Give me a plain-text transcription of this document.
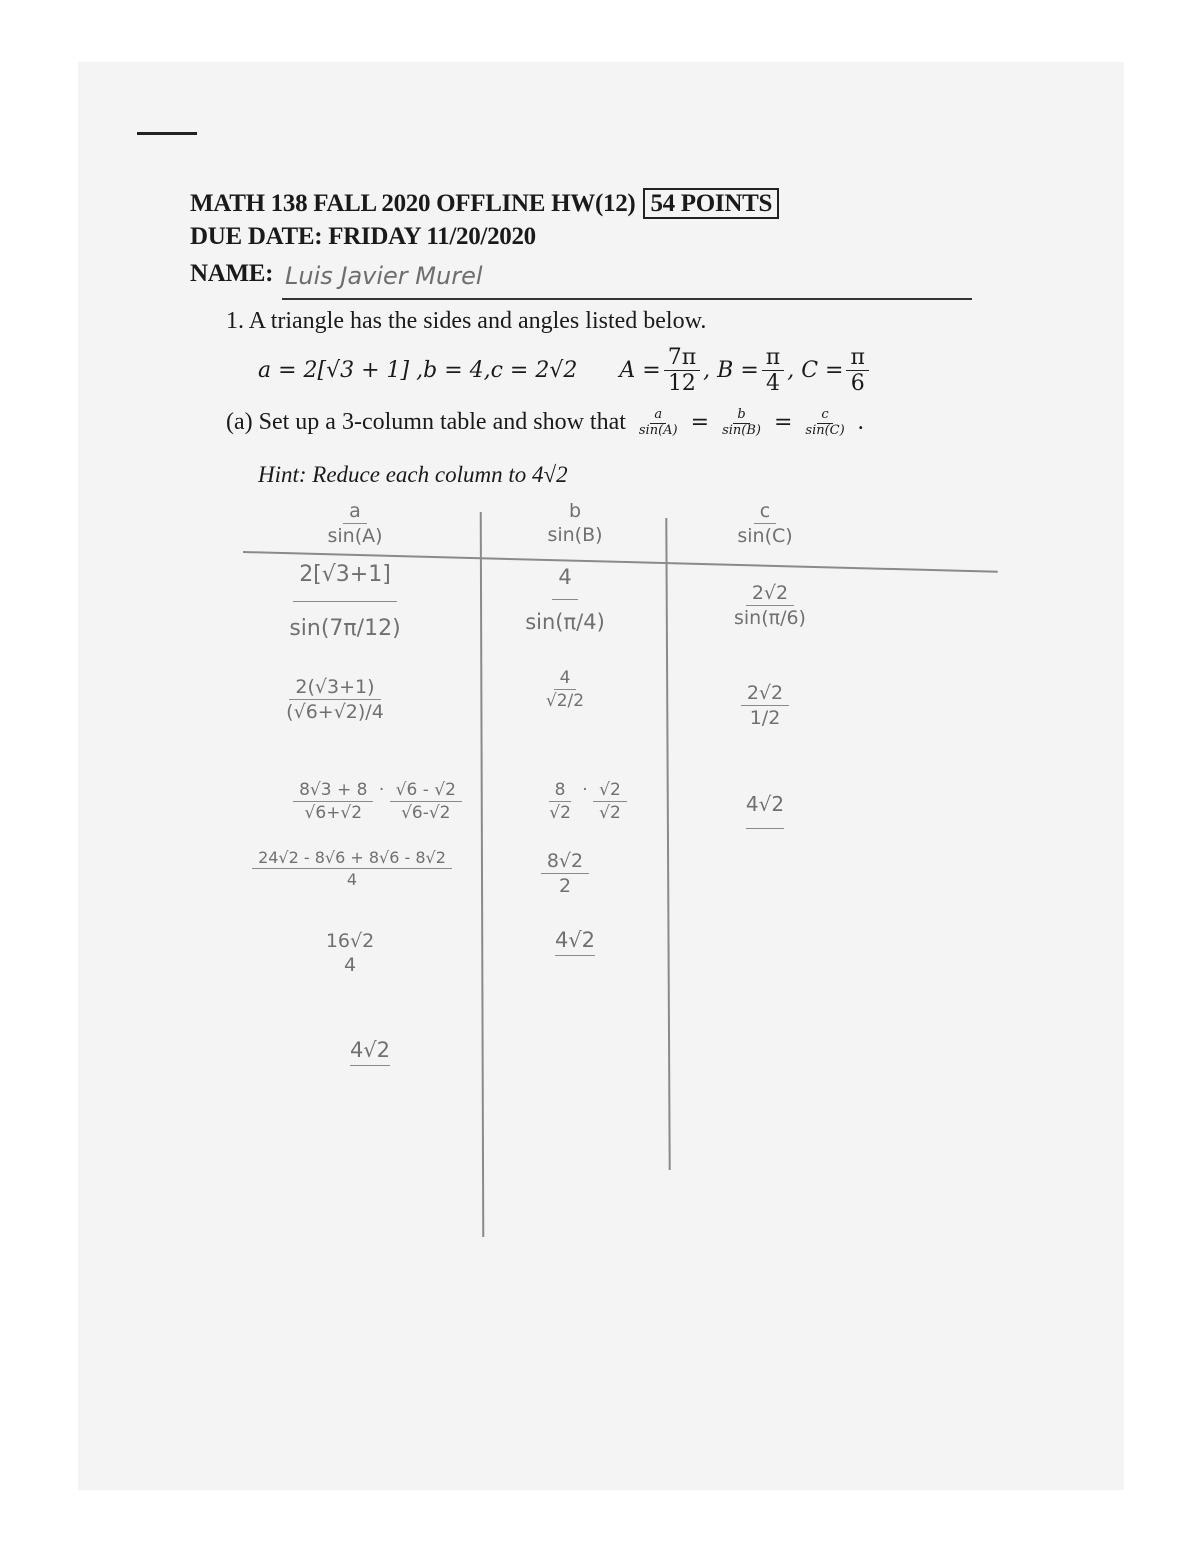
MATH 138 FALL 2020 OFFLINE HW(12) 54 POINTS
DUE DATE: FRIDAY 11/20/2020
NAME: Luis Javier Murel
1. A triangle has the sides and angles listed below.
a = 2[√3 + 1] ,b = 4,c = 2√2 $A = \frac{7\pi}{12}$ , $B = \frac{\pi}{4}$ , $C = \frac{\pi}{6}$
(a) Set up a 3-column table and show that $\frac{a}{\sin(A)} = \frac{b}{\sin(B)} = \frac{c}{\sin(C)}$ .
Hint: Reduce each column to 4√2
$\frac{a}{\sin(A)}$
$\frac{2[√3+1]}{\sin(7\pi/12)}$
$\frac{2(√3+1)}{(√6+√2)/4}$
$\frac{8√3 + 8}{√6+√2} \cdot \frac{√6 - √2}{√6-√2}$
$\frac{24√2 - 8√6 + 8√6 - 8√2}{4}$
16√2
4
4√2
b
sin(B)
$\frac{4}{\sin(\pi/4)}$
$\frac{4}{√2/2}$
$\frac{8}{√2} \cdot \frac{√2}{√2}$
$\frac{8√2}{2}$
4√2
$\frac{c}{\sin(C)}$
$\frac{2√2}{\sin(\pi/6)}$
$\frac{2√2}{1/2}$
4√2
